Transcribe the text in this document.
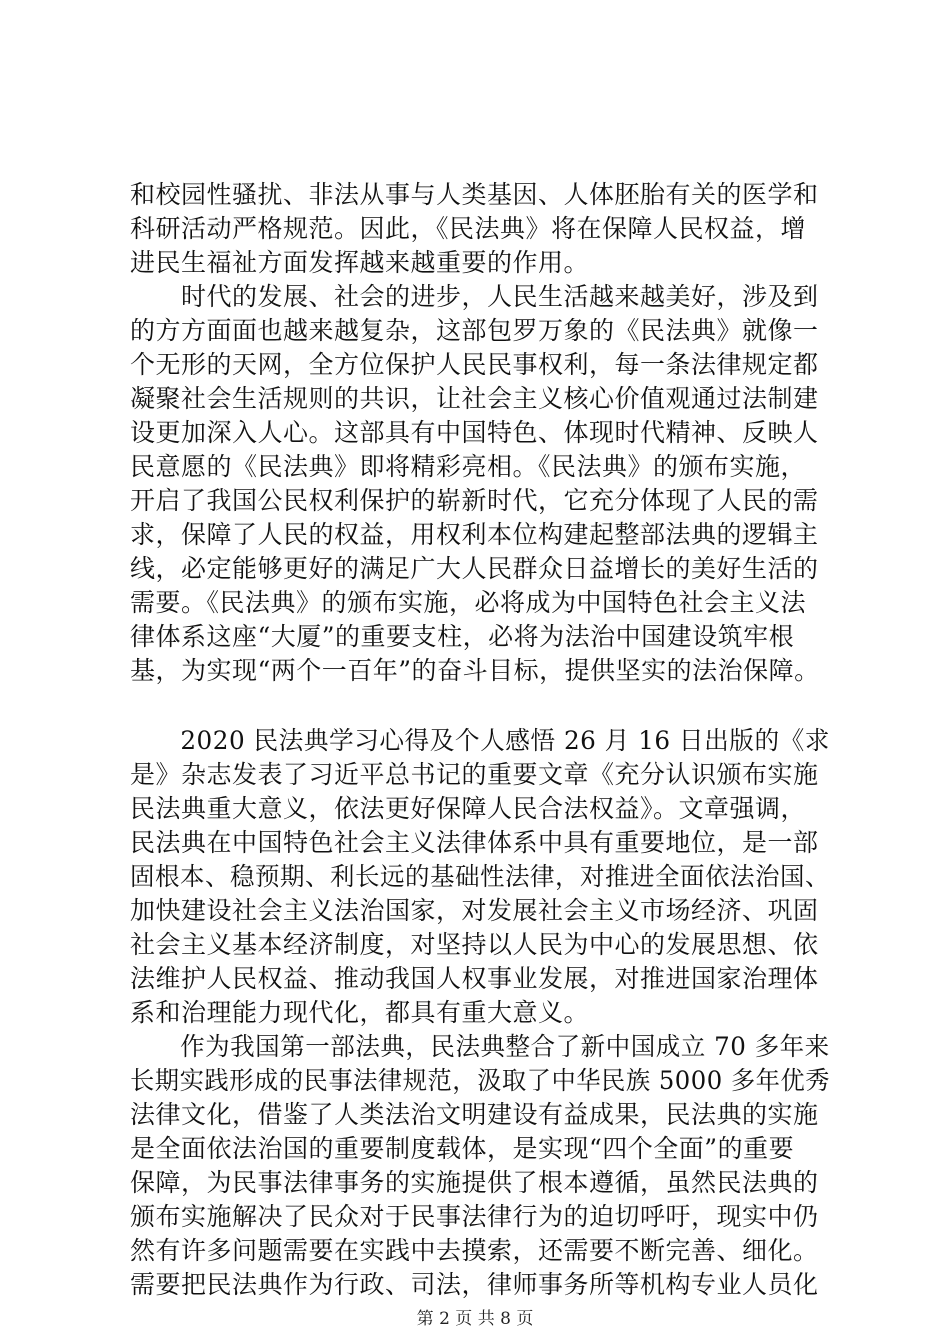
和校园性骚扰、非法从事与人类基因、人体胚胎有关的医学和
科研活动严格规范。因此，《民法典》将在保障人民权益，增
进民生福祉方面发挥越来越重要的作用。
　　时代的发展、社会的进步，人民生活越来越美好，涉及到
的方方面面也越来越复杂，这部包罗万象的《民法典》就像一
个无形的天网，全方位保护人民民事权利，每一条法律规定都
凝聚社会生活规则的共识，让社会主义核心价值观通过法制建
设更加深入人心。这部具有中国特色、体现时代精神、反映人
民意愿的《民法典》即将精彩亮相。《民法典》的颁布实施，
开启了我国公民权利保护的崭新时代，它充分体现了人民的需
求，保障了人民的权益，用权利本位构建起整部法典的逻辑主
线，必定能够更好的满足广大人民群众日益增长的美好生活的
需要。《民法典》的颁布实施，必将成为中国特色社会主义法
律体系这座“大厦”的重要支柱，必将为法治中国建设筑牢根
基，为实现“两个一百年”的奋斗目标，提供坚实的法治保障。
　　2020 民法典学习心得及个人感悟 26 月 16 日出版的《求
是》杂志发表了习近平总书记的重要文章《充分认识颁布实施
民法典重大意义，依法更好保障人民合法权益》。文章强调，
民法典在中国特色社会主义法律体系中具有重要地位，是一部
固根本、稳预期、利长远的基础性法律，对推进全面依法治国、
加快建设社会主义法治国家，对发展社会主义市场经济、巩固
社会主义基本经济制度，对坚持以人民为中心的发展思想、依
法维护人民权益、推动我国人权事业发展，对推进国家治理体
系和治理能力现代化，都具有重大意义。
　　作为我国第一部法典，民法典整合了新中国成立 70 多年来
长期实践形成的民事法律规范，汲取了中华民族 5000 多年优秀
法律文化，借鉴了人类法治文明建设有益成果，民法典的实施
是全面依法治国的重要制度载体，是实现“四个全面”的重要
保障，为民事法律事务的实施提供了根本遵循，虽然民法典的
颁布实施解决了民众对于民事法律行为的迫切呼吁，现实中仍
然有许多问题需要在实践中去摸索，还需要不断完善、细化。
需要把民法典作为行政、司法，律师事务所等机构专业人员化
第 2 页 共 8 页
